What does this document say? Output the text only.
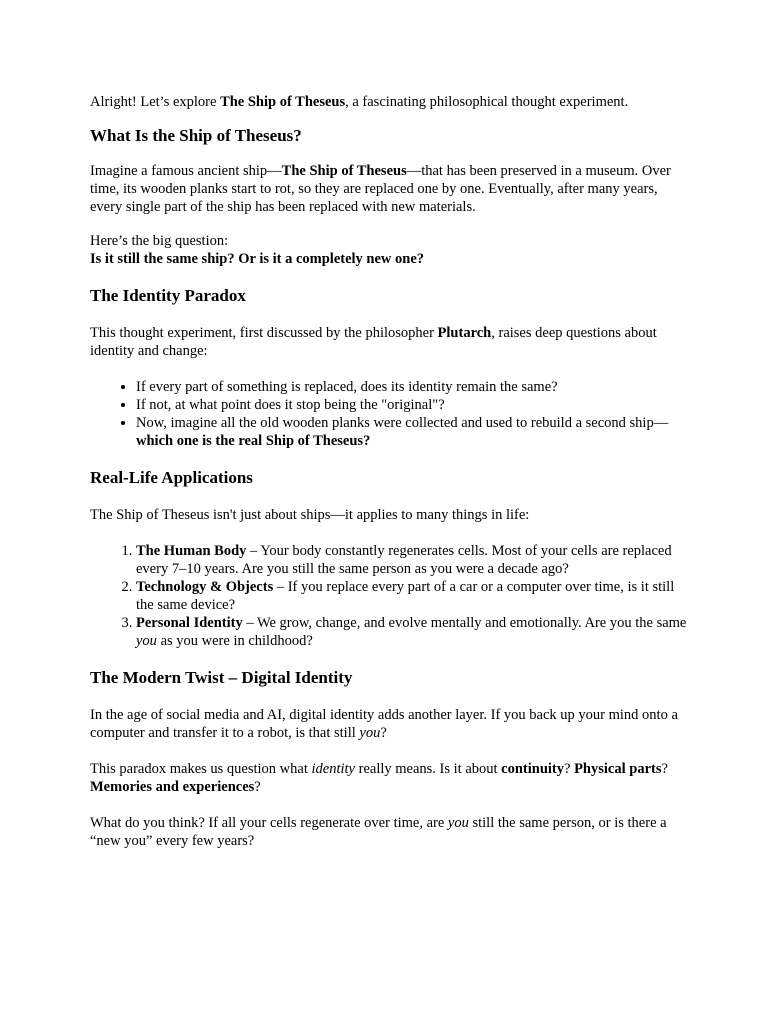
Alright! Let’s explore The Ship of Theseus, a fascinating philosophical thought experiment.

What Is the Ship of Theseus?

Imagine a famous ancient ship—The Ship of Theseus—that has been preserved in a museum. Over time, its wooden planks start to rot, so they are replaced one by one. Eventually, after many years, every single part of the ship has been replaced with new materials.

Here’s the big question:
Is it still the same ship? Or is it a completely new one?

The Identity Paradox

This thought experiment, first discussed by the philosopher Plutarch, raises deep questions about identity and change:

• If every part of something is replaced, does its identity remain the same?
• If not, at what point does it stop being the "original"?
• Now, imagine all the old wooden planks were collected and used to rebuild a second ship—which one is the real Ship of Theseus?
Real-Life Applications

The Ship of Theseus isn't just about ships—it applies to many things in life:

1. The Human Body – Your body constantly regenerates cells. Most of your cells are replaced every 7–10 years. Are you still the same person as you were a decade ago?
2. Technology & Objects – If you replace every part of a car or a computer over time, is it still the same device?
3. Personal Identity – We grow, change, and evolve mentally and emotionally. Are you the same you as you were in childhood?
The Modern Twist – Digital Identity

In the age of social media and AI, digital identity adds another layer. If you back up your mind onto a computer and transfer it to a robot, is that still you?

This paradox makes us question what identity really means. Is it about continuity? Physical parts? Memories and experiences?

What do you think? If all your cells regenerate over time, are you still the same person, or is there a “new you” every few years?
